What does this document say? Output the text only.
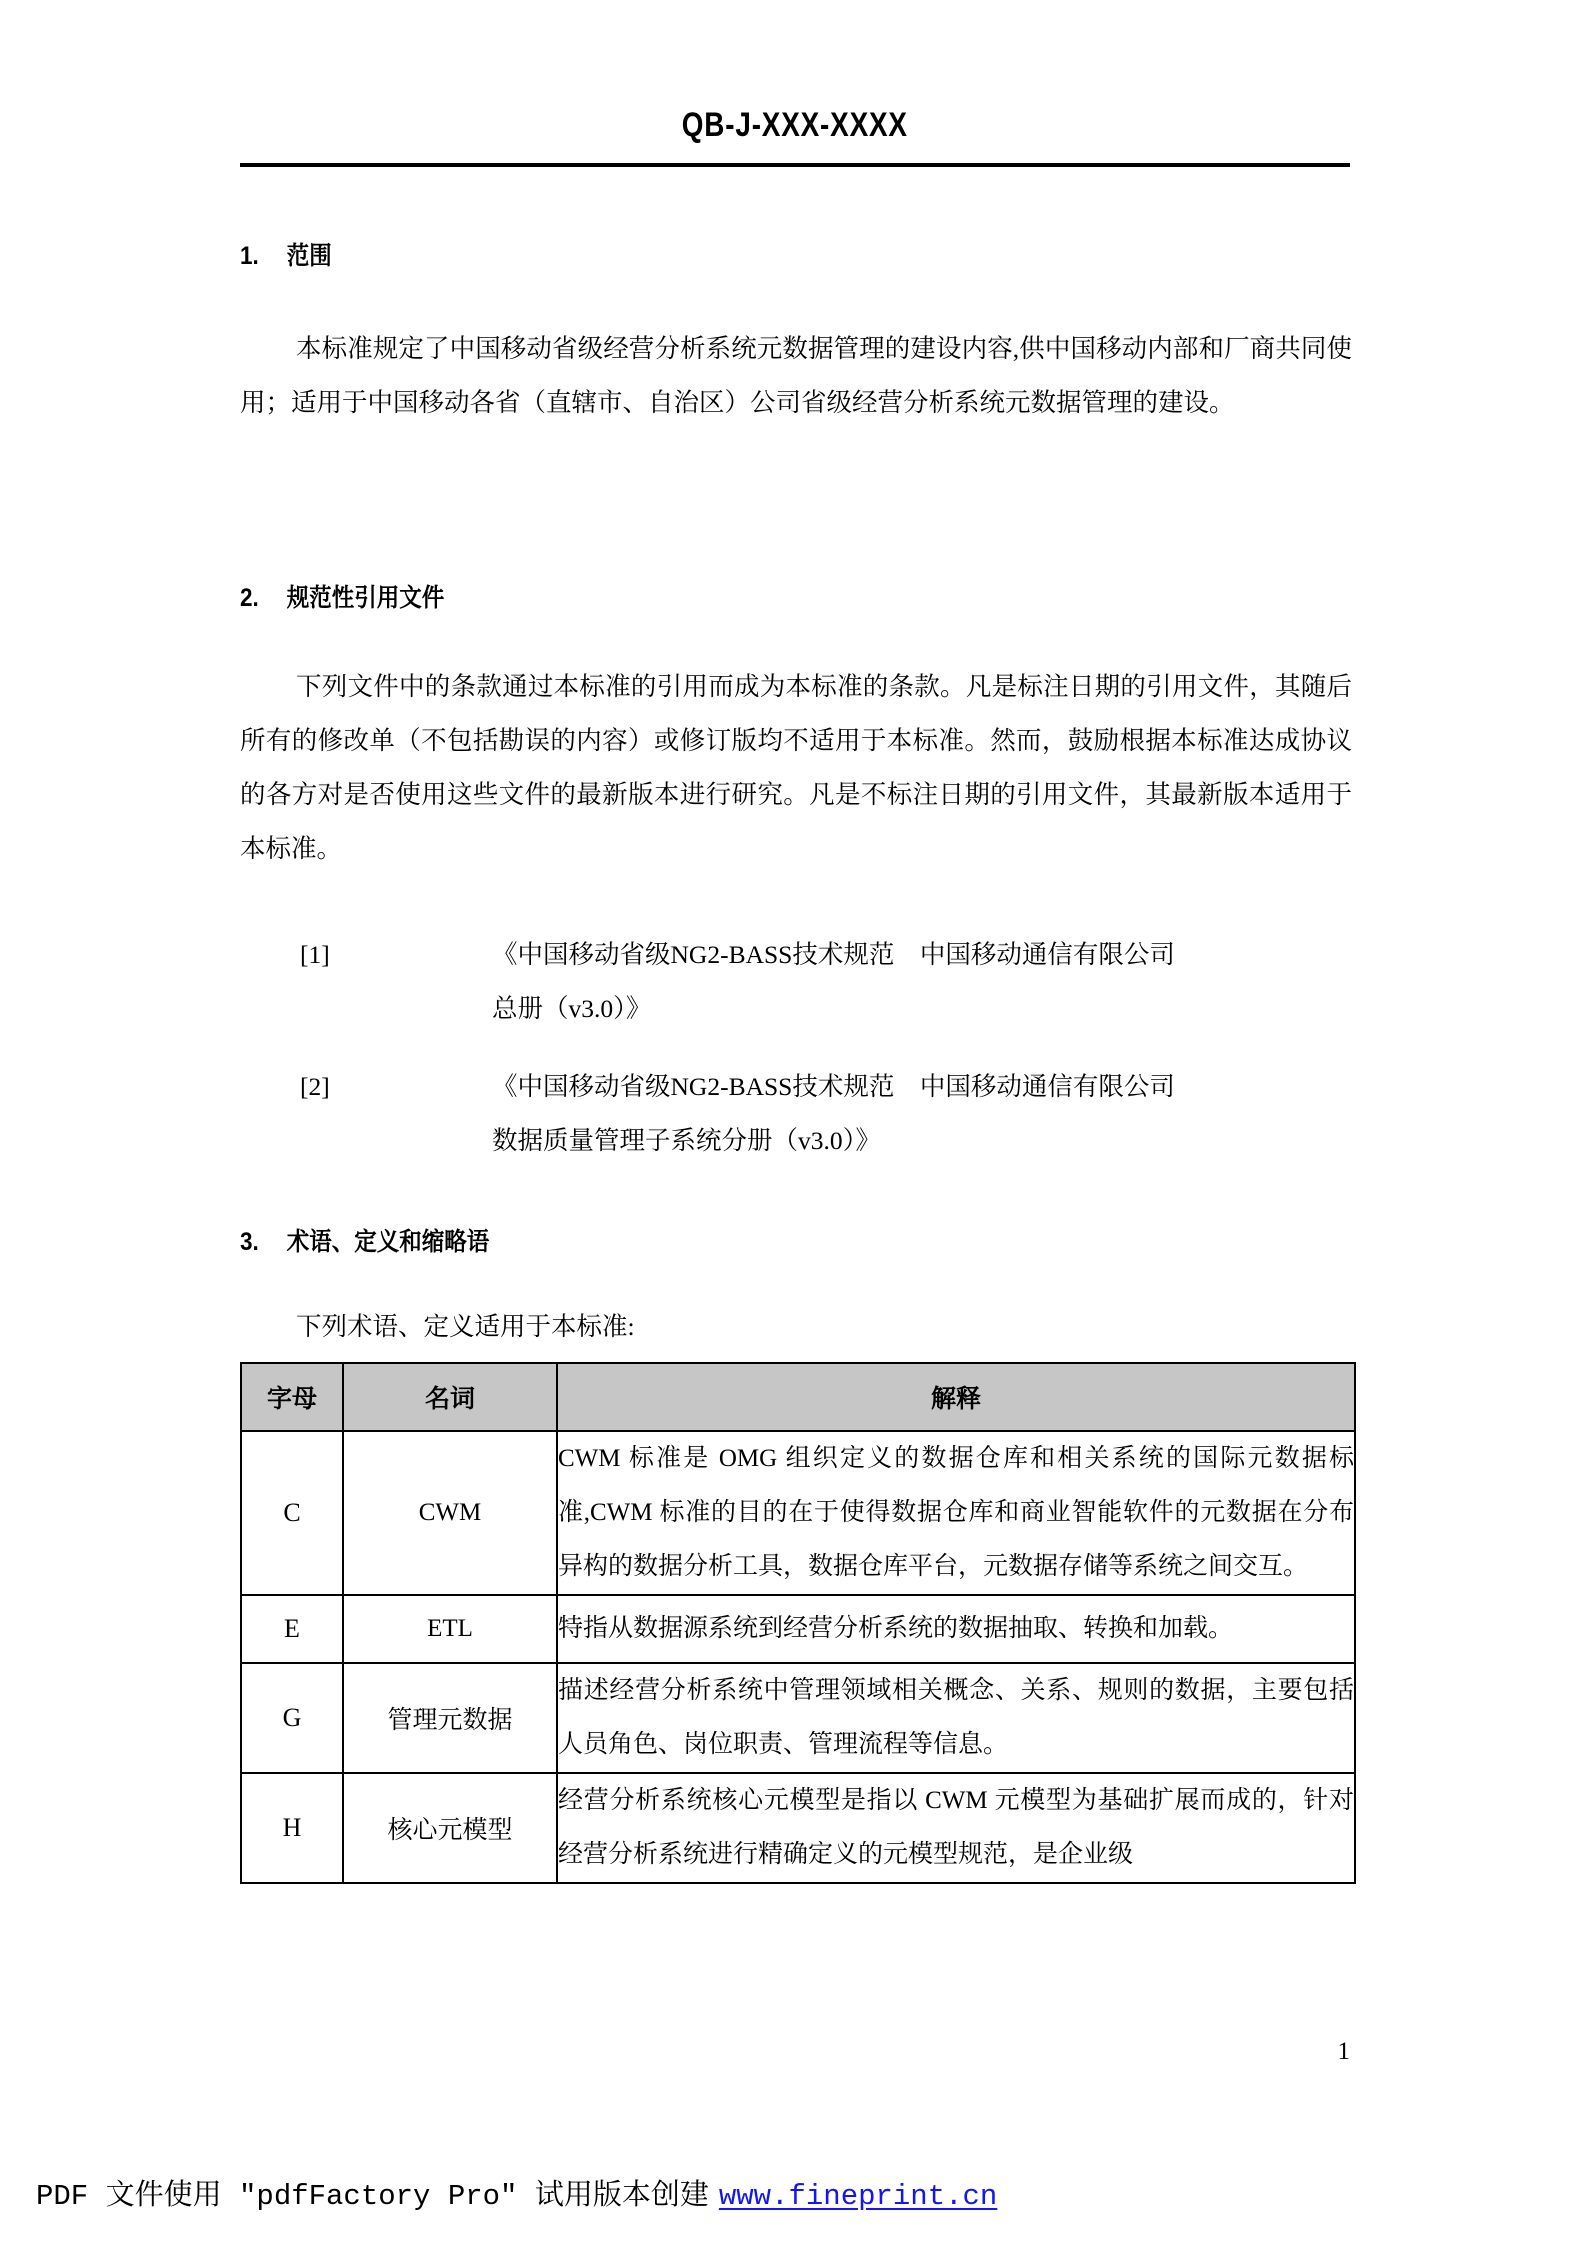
QB-J-XXX-XXXX
1. 范围
本标准规定了中国移动省级经营分析系统元数据管理的建设内容,供中国移动内部和厂商共同使用；适用于中国移动各省（直辖市、自治区）公司省级经营分析系统元数据管理的建设。
2. 规范性引用文件
下列文件中的条款通过本标准的引用而成为本标准的条款。凡是标注日期的引用文件，其随后所有的修改单（不包括勘误的内容）或修订版均不适用于本标准。然而，鼓励根据本标准达成协议的各方对是否使用这些文件的最新版本进行研究。凡是不标注日期的引用文件，其最新版本适用于本标准。
[1]	《中国移动省级NG2-BASS技术规范　中国移动通信有限公司
总册（v3.0）》
[2]	《中国移动省级NG2-BASS技术规范　中国移动通信有限公司
数据质量管理子系统分册（v3.0）》
3. 术语、定义和缩略语
下列术语、定义适用于本标准:
字母	名词	解释
C	CWM	CWM 标准是 OMG 组织定义的数据仓库和相关系统的国际元数据标准,CWM 标准的目的在于使得数据仓库和商业智能软件的元数据在分布异构的数据分析工具，数据仓库平台，元数据存储等系统之间交互。
E	ETL	特指从数据源系统到经营分析系统的数据抽取、转换和加载。
G	管理元数据	描述经营分析系统中管理领域相关概念、关系、规则的数据，主要包括人员角色、岗位职责、管理流程等信息。
H	核心元模型	经营分析系统核心元模型是指以 CWM 元模型为基础扩展而成的，针对经营分析系统进行精确定义的元模型规范，是企业级
1
PDF 文件使用 "pdfFactory Pro" 试用版本创建 www.fineprint.cn
